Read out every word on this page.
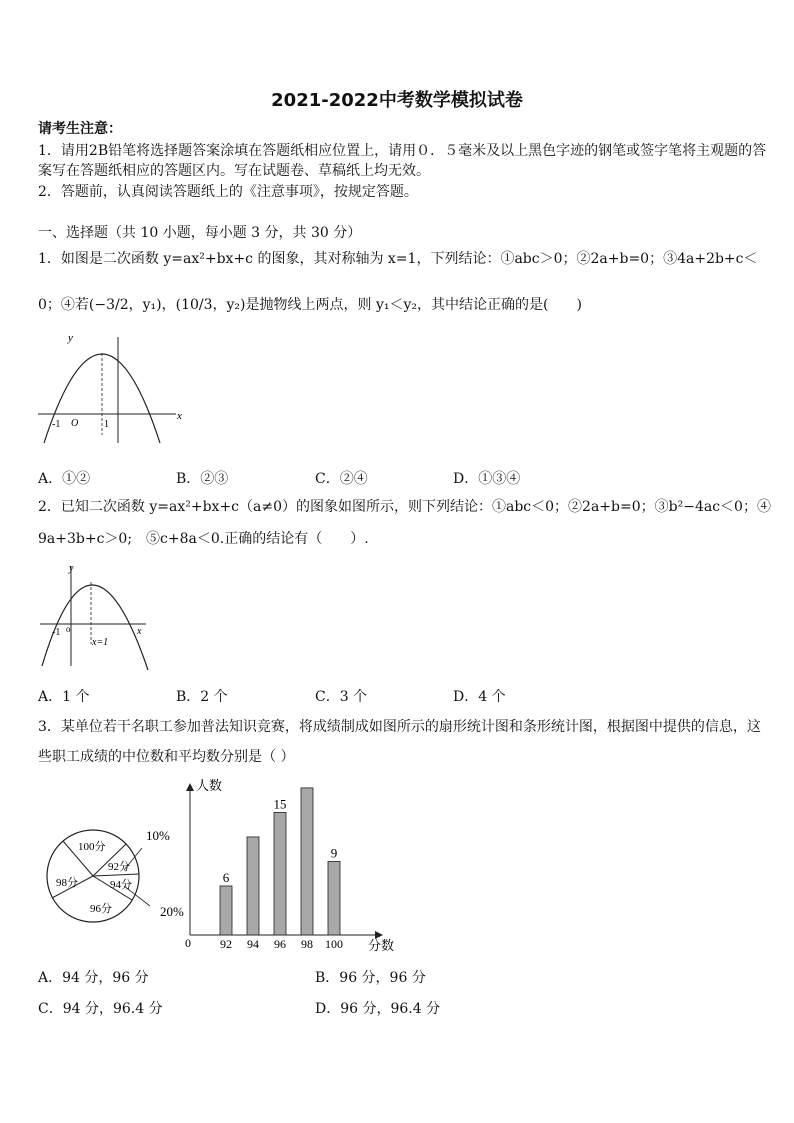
2021-2022中考数学模拟试卷
请考生注意：
1．请用2B铅笔将选择题答案涂填在答题纸相应位置上，请用０．５毫米及以上黑色字迹的钢笔或签字笔将主观题的答
案写在答题纸相应的答题区内。写在试题卷、草稿纸上均无效。
2．答题前，认真阅读答题纸上的《注意事项》，按规定答题。
一、选择题（共 10 小题，每小题 3 分，共 30 分）
1．如图是二次函数 y=ax²+bx+c 的图象，其对称轴为 x=1，下列结论：①abc＞0；②2a+b=0；③4a+2b+c＜
0；④若(−3/2，y₁)，(10/3，y₂)是抛物线上两点，则 y₁＜y₂，其中结论正确的是(　　)
y
x
O
-1	1
A．①②	B．②③	C．②④	D．①③④
2．已知二次函数 y=ax²+bx+c（a≠0）的图象如图所示，则下列结论：①abc＜0；②2a+b=0；③b²−4ac＜0；④
9a+3b+c＞0;　⑤c+8a＜0.正确的结论有（　　）.
y
x
o
-1
x=1
A．1 个	B．2 个	C．3 个	D．4 个
3．某单位若干名职工参加普法知识竞赛，将成绩制成如图所示的扇形统计图和条形统计图，根据图中提供的信息，这
些职工成绩的中位数和平均数分别是（ ）
100分
92分
94分
96分
98分
10%
20%
人数
分数
0 92
6
94 96
15
98 100
9
A．94 分，96 分	B．96 分，96 分
C．94 分，96.4 分	D．96 分，96.4 分
